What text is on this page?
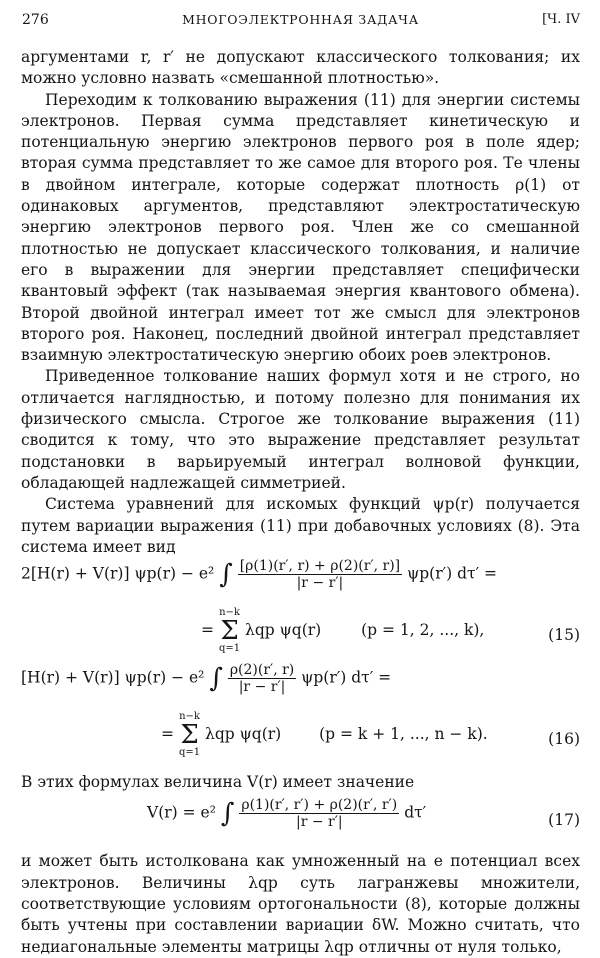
276	МНОГОЭЛЕКТРОННАЯ ЗАДАЧА	[Ч. IV

аргументами r, r′ не допускают классического толкования; их можно условно назвать «смешанной плотностью».

Переходим к толкованию выражения (11) для энергии системы электронов. Первая сумма представляет кинетическую и потенциальную энергию электронов первого роя в поле ядер; вторая сумма представляет то же самое для второго роя. Те члены в двойном интеграле, которые содержат плотность ρ(1) от одинаковых аргументов, представляют электростатическую энергию электронов первого роя. Член же со смешанной плотностью не допускает классического толкования, и наличие его в выражении для энергии представляет специфически квантовый эффект (так называемая энергия квантового обмена). Второй двойной интеграл имеет тот же смысл для электронов второго роя. Наконец, последний двойной интеграл представляет взаимную электростатическую энергию обоих роев электронов.

Приведенное толкование наших формул хотя и не строго, но отличается наглядностью, и потому полезно для понимания их физического смысла. Строгое же толкование выражения (11) сводится к тому, что это выражение представляет результат подстановки в варьируемый интеграл волновой функции, обладающей надлежащей симметрией.

Система уравнений для искомых функций ψp(r) получается путем вариации выражения (11) при добавочных условиях (8). Эта система имеет вид

2[H(r) + V(r)] ψp(r) − e² ∫ $\frac{[\rho(1)(r', r) + \rho(2)(r', r)]}{|r - r'|} \psi p(r') d\tau'$ =
=
n−k
Σ
q=1
λqp ψq(r)	(p = 1, 2, ..., k),	(15)
[H(r) + V(r)] ψp(r) − e² ∫ $\frac{\rho(2)(r', r)}{|r - r'|} \psi p(r') d\tau'$ =
=
n−k
Σ
q=1
λqp ψq(r) (p = k + 1, ..., n − k).	(16)

В этих формулах величина V(r) имеет значение

V(r) = e² ∫ $\frac{\rho(1)(r', r') + \rho(2)(r', r')}{|r - r'|} d\tau'$	(17)

и может быть истолкована как умноженный на e потенциал всех электронов. Величины λqp суть лагранжевы множители, соответствующие условиям ортогональности (8), которые должны быть учтены при составлении вариации δW. Можно считать, что недиагональные элементы матрицы λqp отличны от нуля только,
